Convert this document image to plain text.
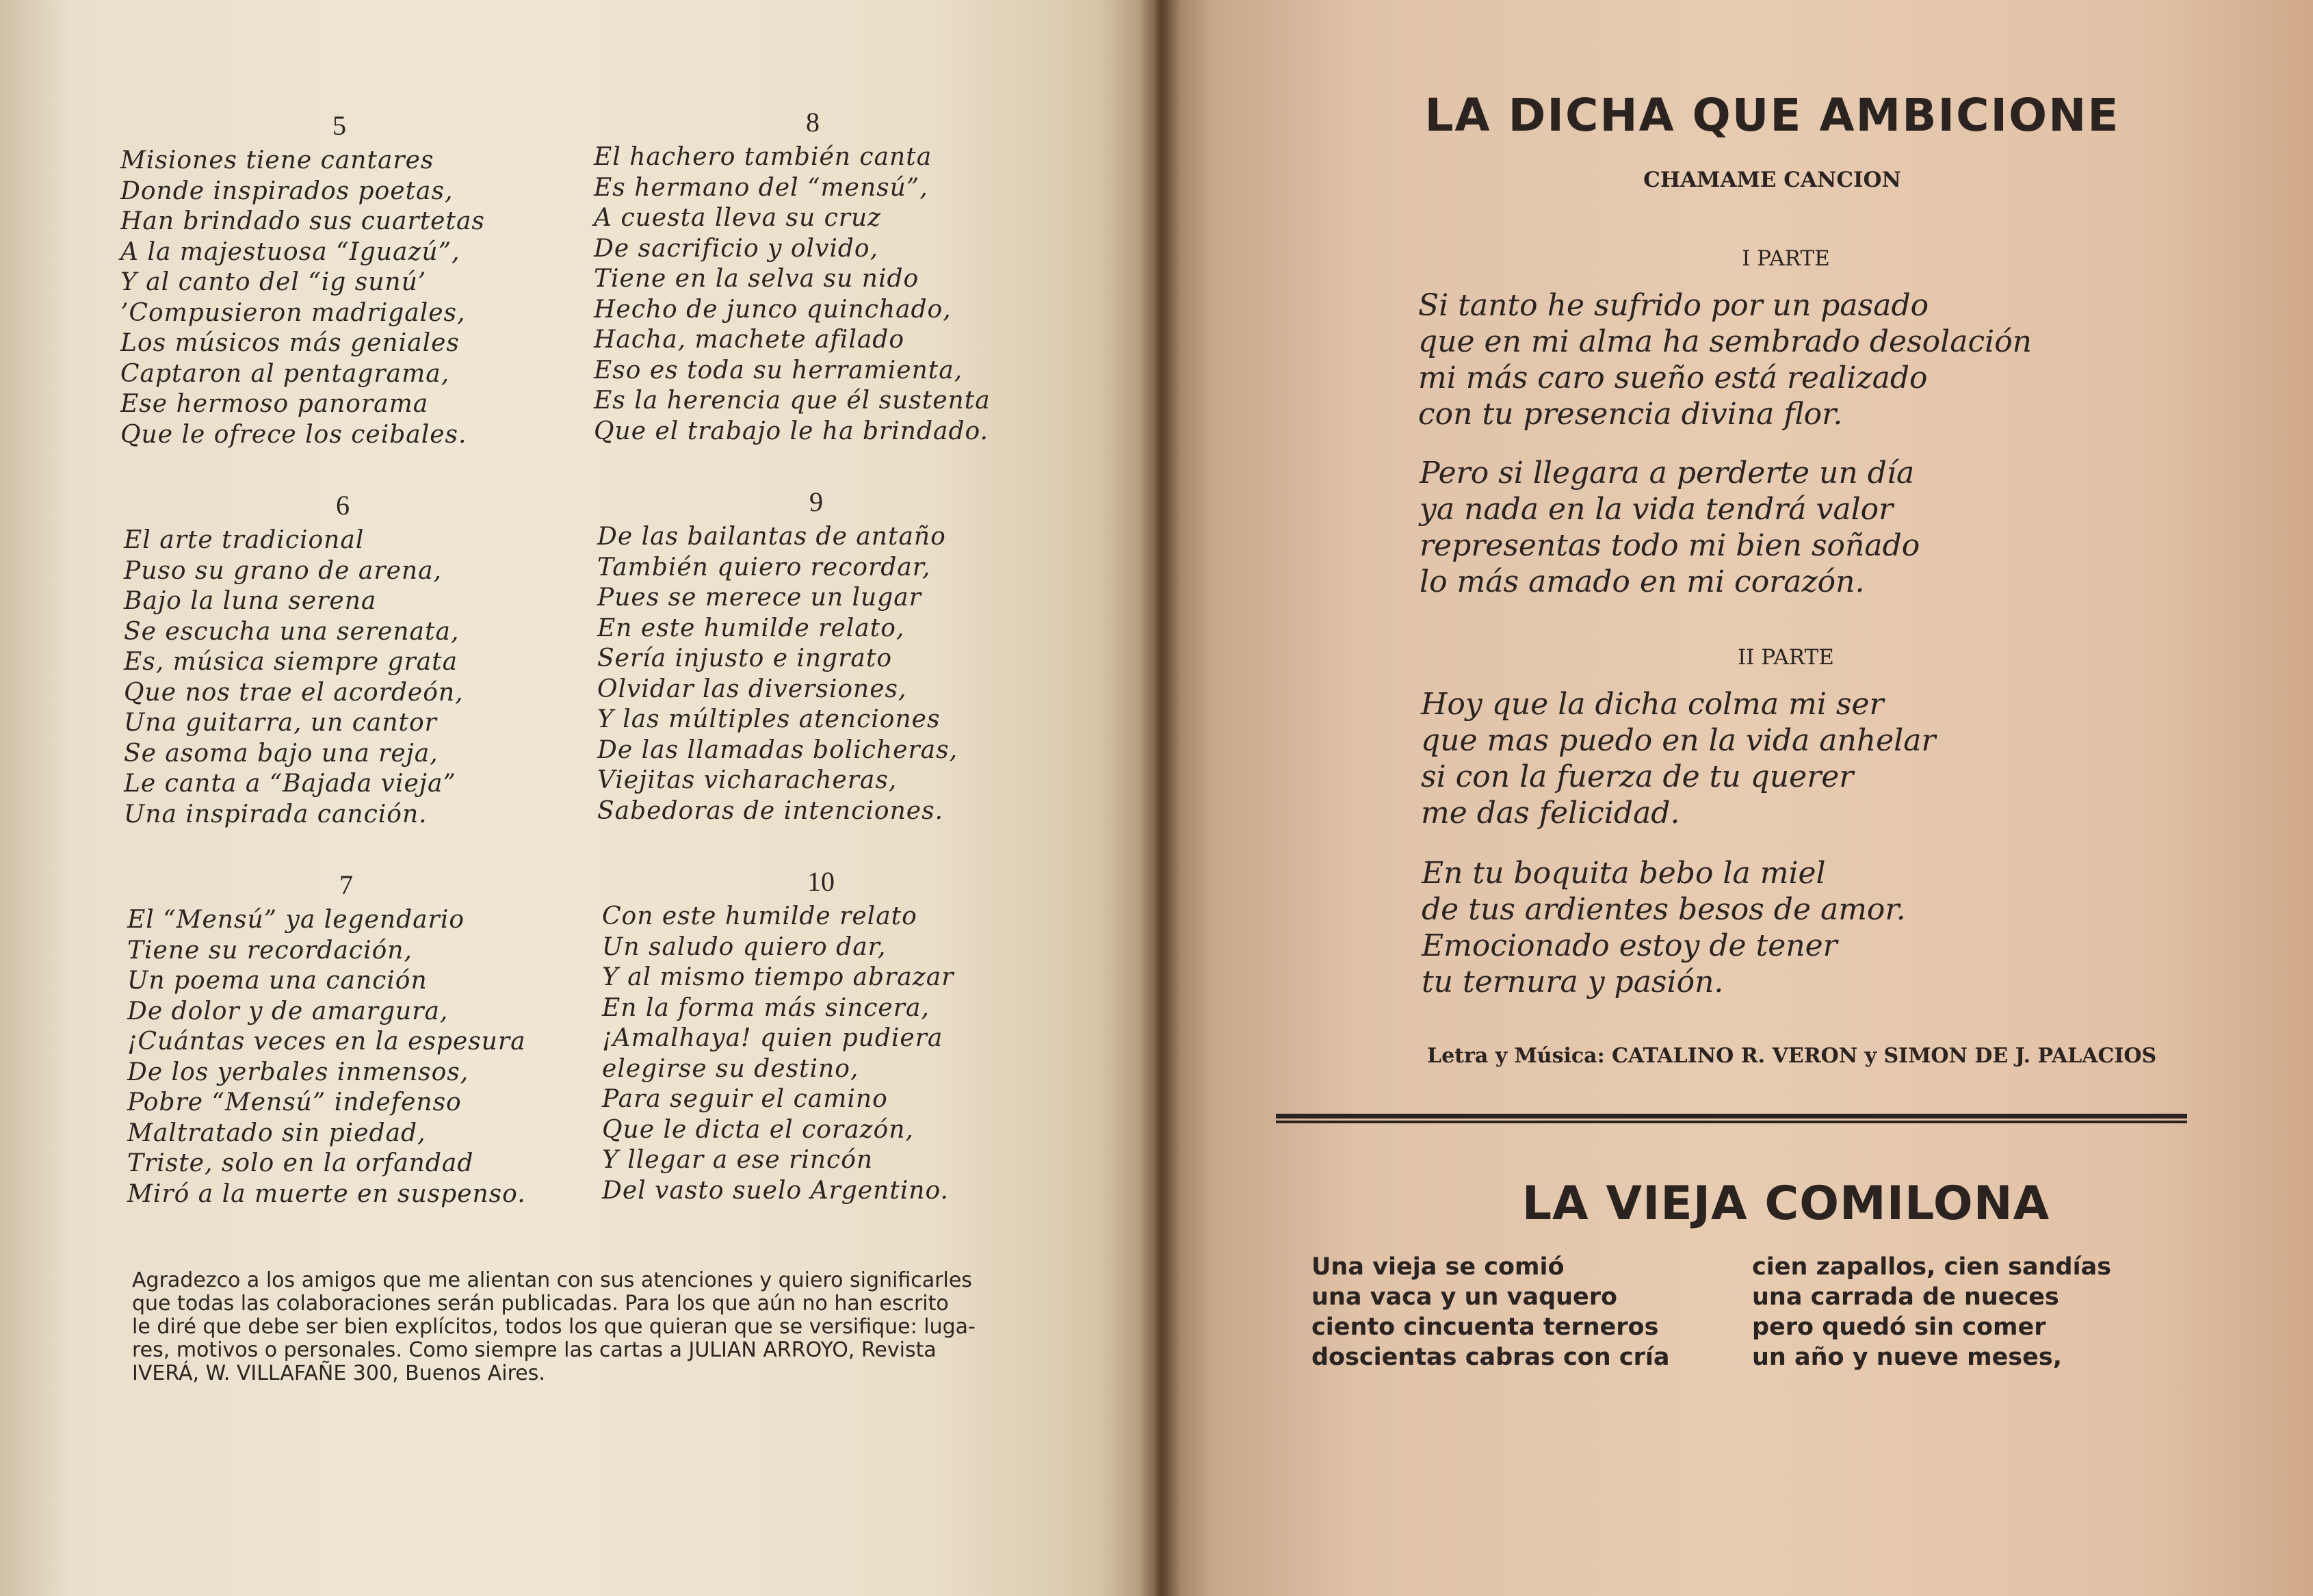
5
Misiones tiene cantares
Donde inspirados poetas,
Han brindado sus cuartetas
A la majestuosa “Iguazú”,
Y al canto del “ig sunú’
’Compusieron madrigales,
Los músicos más geniales
Captaron al pentagrama,
Ese hermoso panorama
Que le ofrece los ceibales.
8
El hachero también canta
Es hermano del “mensú”,
A cuesta lleva su cruz
De sacrificio y olvido,
Tiene en la selva su nido
Hecho de junco quinchado,
Hacha, machete afilado
Eso es toda su herramienta,
Es la herencia que él sustenta
Que el trabajo le ha brindado.
6
El arte tradicional
Puso su grano de arena,
Bajo la luna serena
Se escucha una serenata,
Es, música siempre grata
Que nos trae el acordeón,
Una guitarra, un cantor
Se asoma bajo una reja,
Le canta a “Bajada vieja”
Una inspirada canción.
9
De las bailantas de antaño
También quiero recordar,
Pues se merece un lugar
En este humilde relato,
Sería injusto e ingrato
Olvidar las diversiones,
Y las múltiples atenciones
De las llamadas bolicheras,
Viejitas vicharacheras,
Sabedoras de intenciones.
7
El “Mensú” ya legendario
Tiene su recordación,
Un poema una canción
De dolor y de amargura,
¡Cuántas veces en la espesura
De los yerbales inmensos,
Pobre “Mensú” indefenso
Maltratado sin piedad,
Triste, solo en la orfandad
Miró a la muerte en suspenso.
10
Con este humilde relato
Un saludo quiero dar,
Y al mismo tiempo abrazar
En la forma más sincera,
¡Amalhaya! quien pudiera
elegirse su destino,
Para seguir el camino
Que le dicta el corazón,
Y llegar a ese rincón
Del vasto suelo Argentino.
Agradezco a los amigos que me alientan con sus atenciones y quiero significarles
que todas las colaboraciones serán publicadas. Para los que aún no han escrito
le diré que debe ser bien explícitos, todos los que quieran que se versifique: luga-
res, motivos o personales. Como siempre las cartas a JULIAN ARROYO, Revista
IVERÁ, W. VILLAFAÑE 300, Buenos Aires.
LA DICHA QUE AMBICIONE
CHAMAME CANCION
I PARTE
Si tanto he sufrido por un pasado
que en mi alma ha sembrado desolación
mi más caro sueño está realizado
con tu presencia divina flor.
Pero si llegara a perderte un día
ya nada en la vida tendrá valor
representas todo mi bien soñado
lo más amado en mi corazón.
II PARTE
Hoy que la dicha colma mi ser
que mas puedo en la vida anhelar
si con la fuerza de tu querer
me das felicidad.
En tu boquita bebo la miel
de tus ardientes besos de amor.
Emocionado estoy de tener
tu ternura y pasión.
Letra y Música: CATALINO R. VERON y SIMON DE J. PALACIOS
LA VIEJA COMILONA
Una vieja se comió
una vaca y un vaquero
ciento cincuenta terneros
doscientas cabras con cría
cien zapallos, cien sandías
una carrada de nueces
pero quedó sin comer
un año y nueve meses,
